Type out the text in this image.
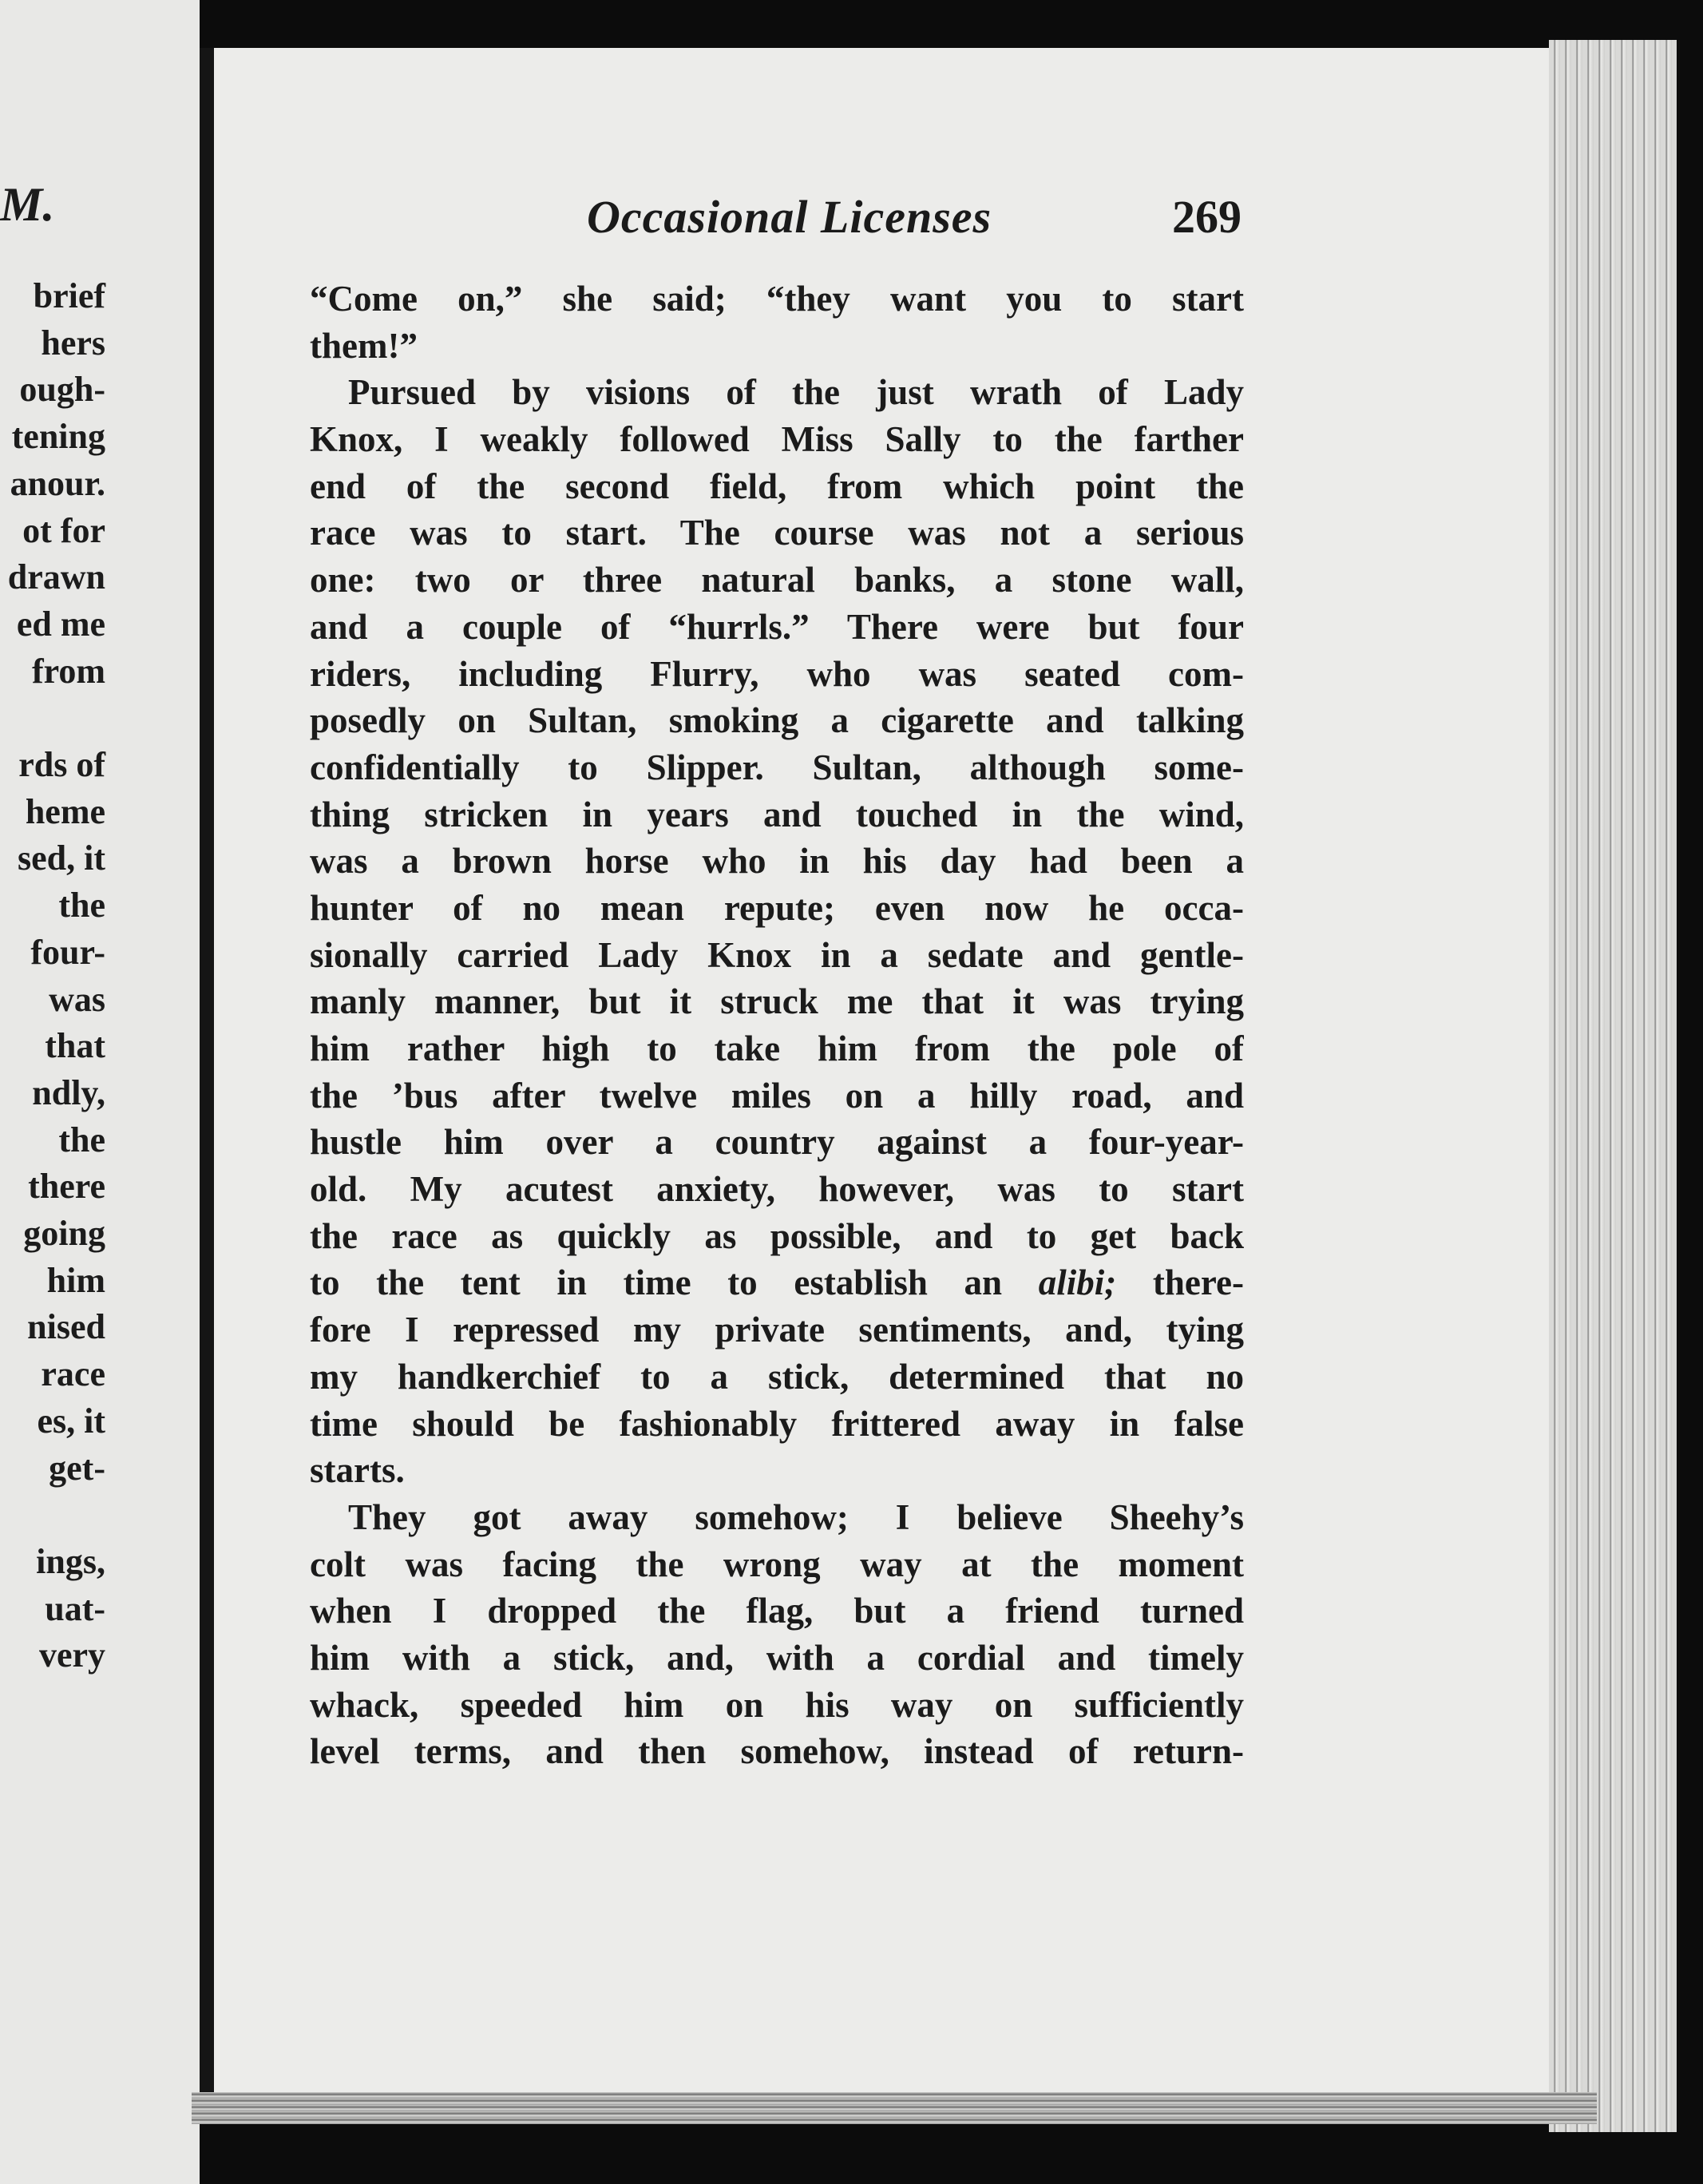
M.
brief
hers
ough-
tening
anour.
ot for
drawn
ed me
from
rds of
heme
sed, it
the
four-
was
that
ndly,
the
there
going
him
nised
race
es, it
get-
ings,
uat-
very
Occasional Licenses	269
“Come on,” she said; “they want you to start
them!”
Pursued by visions of the just wrath of Lady
Knox, I weakly followed Miss Sally to the farther
end of the second field, from which point the
race was to start. The course was not a serious
one: two or three natural banks, a stone wall,
and a couple of “hurrls.” There were but four
riders, including Flurry, who was seated com-
posedly on Sultan, smoking a cigarette and talking
confidentially to Slipper. Sultan, although some-
thing stricken in years and touched in the wind,
was a brown horse who in his day had been a
hunter of no mean repute; even now he occa-
sionally carried Lady Knox in a sedate and gentle-
manly manner, but it struck me that it was trying
him rather high to take him from the pole of
the ’bus after twelve miles on a hilly road, and
hustle him over a country against a four-year-
old. My acutest anxiety, however, was to start
the race as quickly as possible, and to get back
to the tent in time to establish an alibi; there-
fore I repressed my private sentiments, and, tying
my handkerchief to a stick, determined that no
time should be fashionably frittered away in false
starts.
They got away somehow; I believe Sheehy’s
colt was facing the wrong way at the moment
when I dropped the flag, but a friend turned
him with a stick, and, with a cordial and timely
whack, speeded him on his way on sufficiently
level terms, and then somehow, instead of return-
